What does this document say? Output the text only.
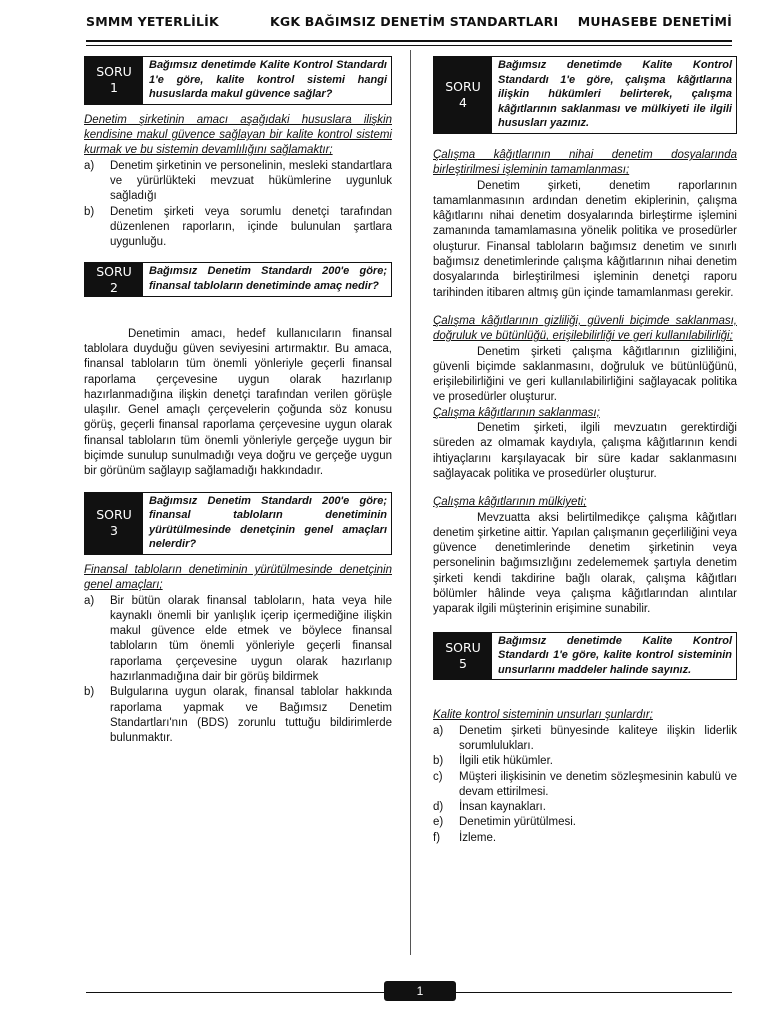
SMMM YETERLİLİK	KGK BAĞIMSIZ DENETİM STANDARTLARI MUHASEBE DENETİMİ
SORU
1
Bağımsız denetimde Kalite Kontrol Standardı 1'e göre, kalite kontrol sistemi hangi hususlarda makul güvence sağlar?

Denetim şirketinin amacı aşağıdaki hususlara ilişkin kendisine makul güvence sağlayan bir kalite kontrol sistemi kurmak ve bu sistemin devamlılığını sağlamaktır;

a)	Denetim şirketinin ve personelinin, mesleki standartlara ve yürürlükteki mevzuat hükümlerine uygunluk sağladığı
b)	Denetim şirketi veya sorumlu denetçi tarafından düzenlenen raporların, içinde bulunulan şartlara uygunluğu.
SORU
2
Bağımsız Denetim Standardı 200'e göre; finansal tabloların denetiminde amaç nedir?

Denetimin amacı, hedef kullanıcıların finansal tablolara duyduğu güven seviyesini artırmaktır. Bu amaca, finansal tabloların tüm önemli yönleriyle geçerli finansal raporlama çerçevesine uygun olarak hazırlanıp hazırlanmadığına ilişkin denetçi tarafından verilen görüşle ulaşılır. Genel amaçlı çerçevelerin çoğunda söz konusu görüş, geçerli finansal raporlama çerçevesine uygun olarak finansal tabloların tüm önemli yönleriyle gerçeğe uygun bir biçimde sunulup sunulmadığı veya doğru ve gerçeğe uygun bir görünüm sağlayıp sağlamadığı hakkındadır.

SORU
3
Bağımsız Denetim Standardı 200'e göre; finansal tabloların denetiminin yürütülmesinde denetçinin genel amaçları nelerdir?

Finansal tabloların denetiminin yürütülmesinde denetçinin genel amaçları;

a)	Bir bütün olarak finansal tabloların, hata veya hile kaynaklı önemli bir yanlışlık içerip içermediğine ilişkin makul güvence elde etmek ve böylece finansal tabloların tüm önemli yönleriyle geçerli finansal raporlama çerçevesine uygun olarak hazırlanıp hazırlanmadığına dair bir görüş bildirmek
b)	Bulgularına uygun olarak, finansal tablolar hakkında raporlama yapmak ve Bağımsız Denetim Standartları'nın (BDS) zorunlu tuttuğu bildirimlerde bulunmaktır.
SORU
4
Bağımsız denetimde Kalite Kontrol Standardı 1'e göre, çalışma kâğıtlarına ilişkin hükümleri belirterek, çalışma kâğıtlarının saklanması ve mülkiyeti ile ilgili hususları yazınız.

Çalışma kâğıtlarının nihai denetim dosyalarında birleştirilmesi işleminin tamamlanması;

Denetim şirketi, denetim raporlarının tamamlanmasının ardından denetim ekiplerinin, çalışma kâğıtlarını nihai denetim dosyalarında birleştirme işlemini zamanında tamamlamasına yönelik politika ve prosedürler oluşturur. Finansal tabloların bağımsız denetim ve sınırlı bağımsız denetimlerinde çalışma kâğıtlarının nihai denetim dosyalarında birleştirilmesi işleminin denetçi raporu tarihinden itibaren altmış gün içinde tamamlanması gerekir.

Çalışma kâğıtlarının gizliliği, güvenli biçimde saklanması, doğruluk ve bütünlüğü, erişilebilirliği ve geri kullanılabilirliği;

Denetim şirketi çalışma kâğıtlarının gizliliğini, güvenli biçimde saklanmasını, doğruluk ve bütünlüğünü, erişilebilirliğini ve geri kullanılabilirliğini sağlayacak politika ve prosedürler oluşturur.

Çalışma kâğıtlarının saklanması;

Denetim şirketi, ilgili mevzuatın gerektirdiği süreden az olmamak kaydıyla, çalışma kâğıtlarının kendi ihtiyaçlarını karşılayacak bir süre kadar saklanmasını sağlayacak politika ve prosedürler oluşturur.

Çalışma kâğıtlarının mülkiyeti;

Mevzuatta aksi belirtilmedikçe çalışma kâğıtları denetim şirketine aittir. Yapılan çalışmanın geçerliliğini veya güvence denetimlerinde denetim şirketinin veya personelinin bağımsızlığını zedelememek şartıyla denetim şirketi kendi takdirine bağlı olarak, çalışma kâğıtları bölümler hâlinde veya çalışma kâğıtlarından alıntılar yaparak ilgili müşterinin erişimine sunabilir.

SORU
5
Bağımsız denetimde Kalite Kontrol Standardı 1'e göre, kalite kontrol sisteminin unsurlarını maddeler halinde sayınız.

Kalite kontrol sisteminin unsurları şunlardır;

a)	Denetim şirketi bünyesinde kaliteye ilişkin liderlik sorumlulukları.
b)	İlgili etik hükümler.
c)	Müşteri ilişkisinin ve denetim sözleşmesinin kabulü ve devam ettirilmesi.
d)	İnsan kaynakları.
e)	Denetimin yürütülmesi.
f)	İzleme.
1
